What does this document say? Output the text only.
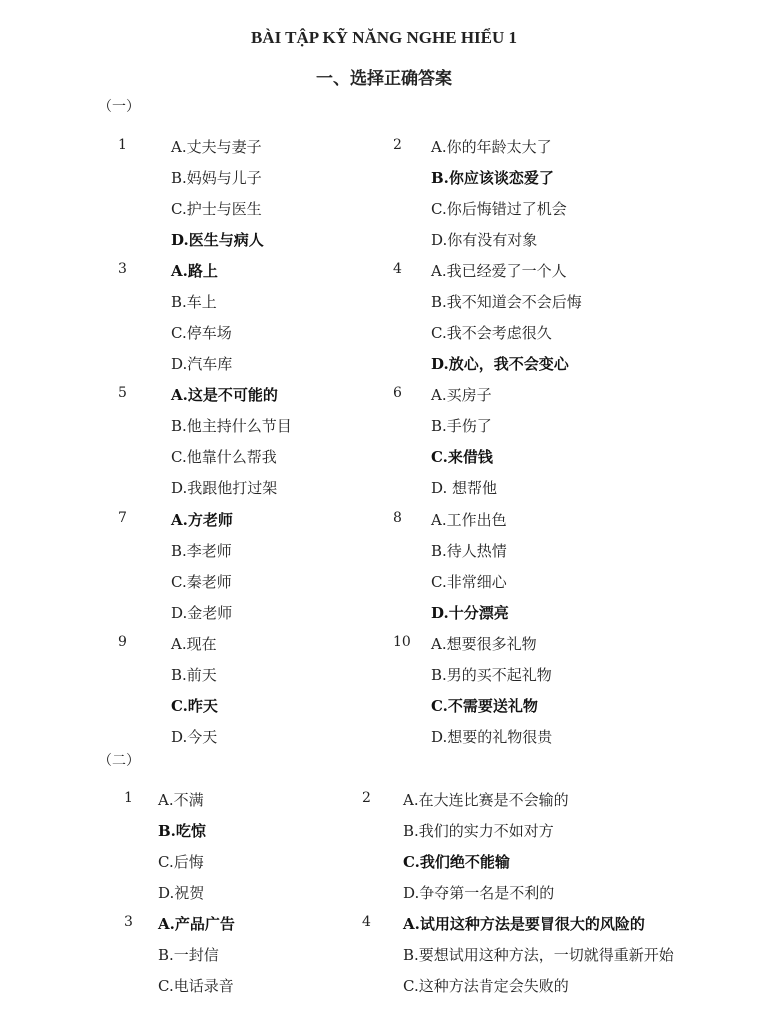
BÀI TẬP KỸ NĂNG NGHE HIỂU 1
一、选择正确答案
（一）
（二）
1	A.丈夫与妻子
B.妈妈与儿子
C.护士与医生
D.医生与病人
2 A.你的年龄太大了
B.你应该谈恋爱了
C.你后悔错过了机会
D.你有没有对象
3	A.路上
B.车上
C.停车场
D.汽车库
4 A.我已经爱了一个人
B.我不知道会不会后悔
C.我不会考虑很久
D.放心，我不会变心
5	A.这是不可能的
B.他主持什么节目
C.他靠什么帮我
D.我跟他打过架
6 A.买房子
B.手伤了
C.来借钱
D. 想帮他
7	A.方老师
B.李老师
C.秦老师
D.金老师
8 A.工作出色
B.待人热情
C.非常细心
D.十分漂亮
9	A.现在
B.前天
C.昨天
D.今天
10 A.想要很多礼物
B.男的买不起礼物
C.不需要送礼物
D.想要的礼物很贵
1 A.不满
B.吃惊
C.后悔
D.祝贺
2 A.在大连比赛是不会输的
B.我们的实力不如对方
C.我们绝不能输
D.争夺第一名是不利的
3 A.产品广告
B.一封信
C.电话录音
4 A.试用这种方法是要冒很大的风险的
B.要想试用这种方法，一切就得重新开始
C.这种方法肯定会失败的
